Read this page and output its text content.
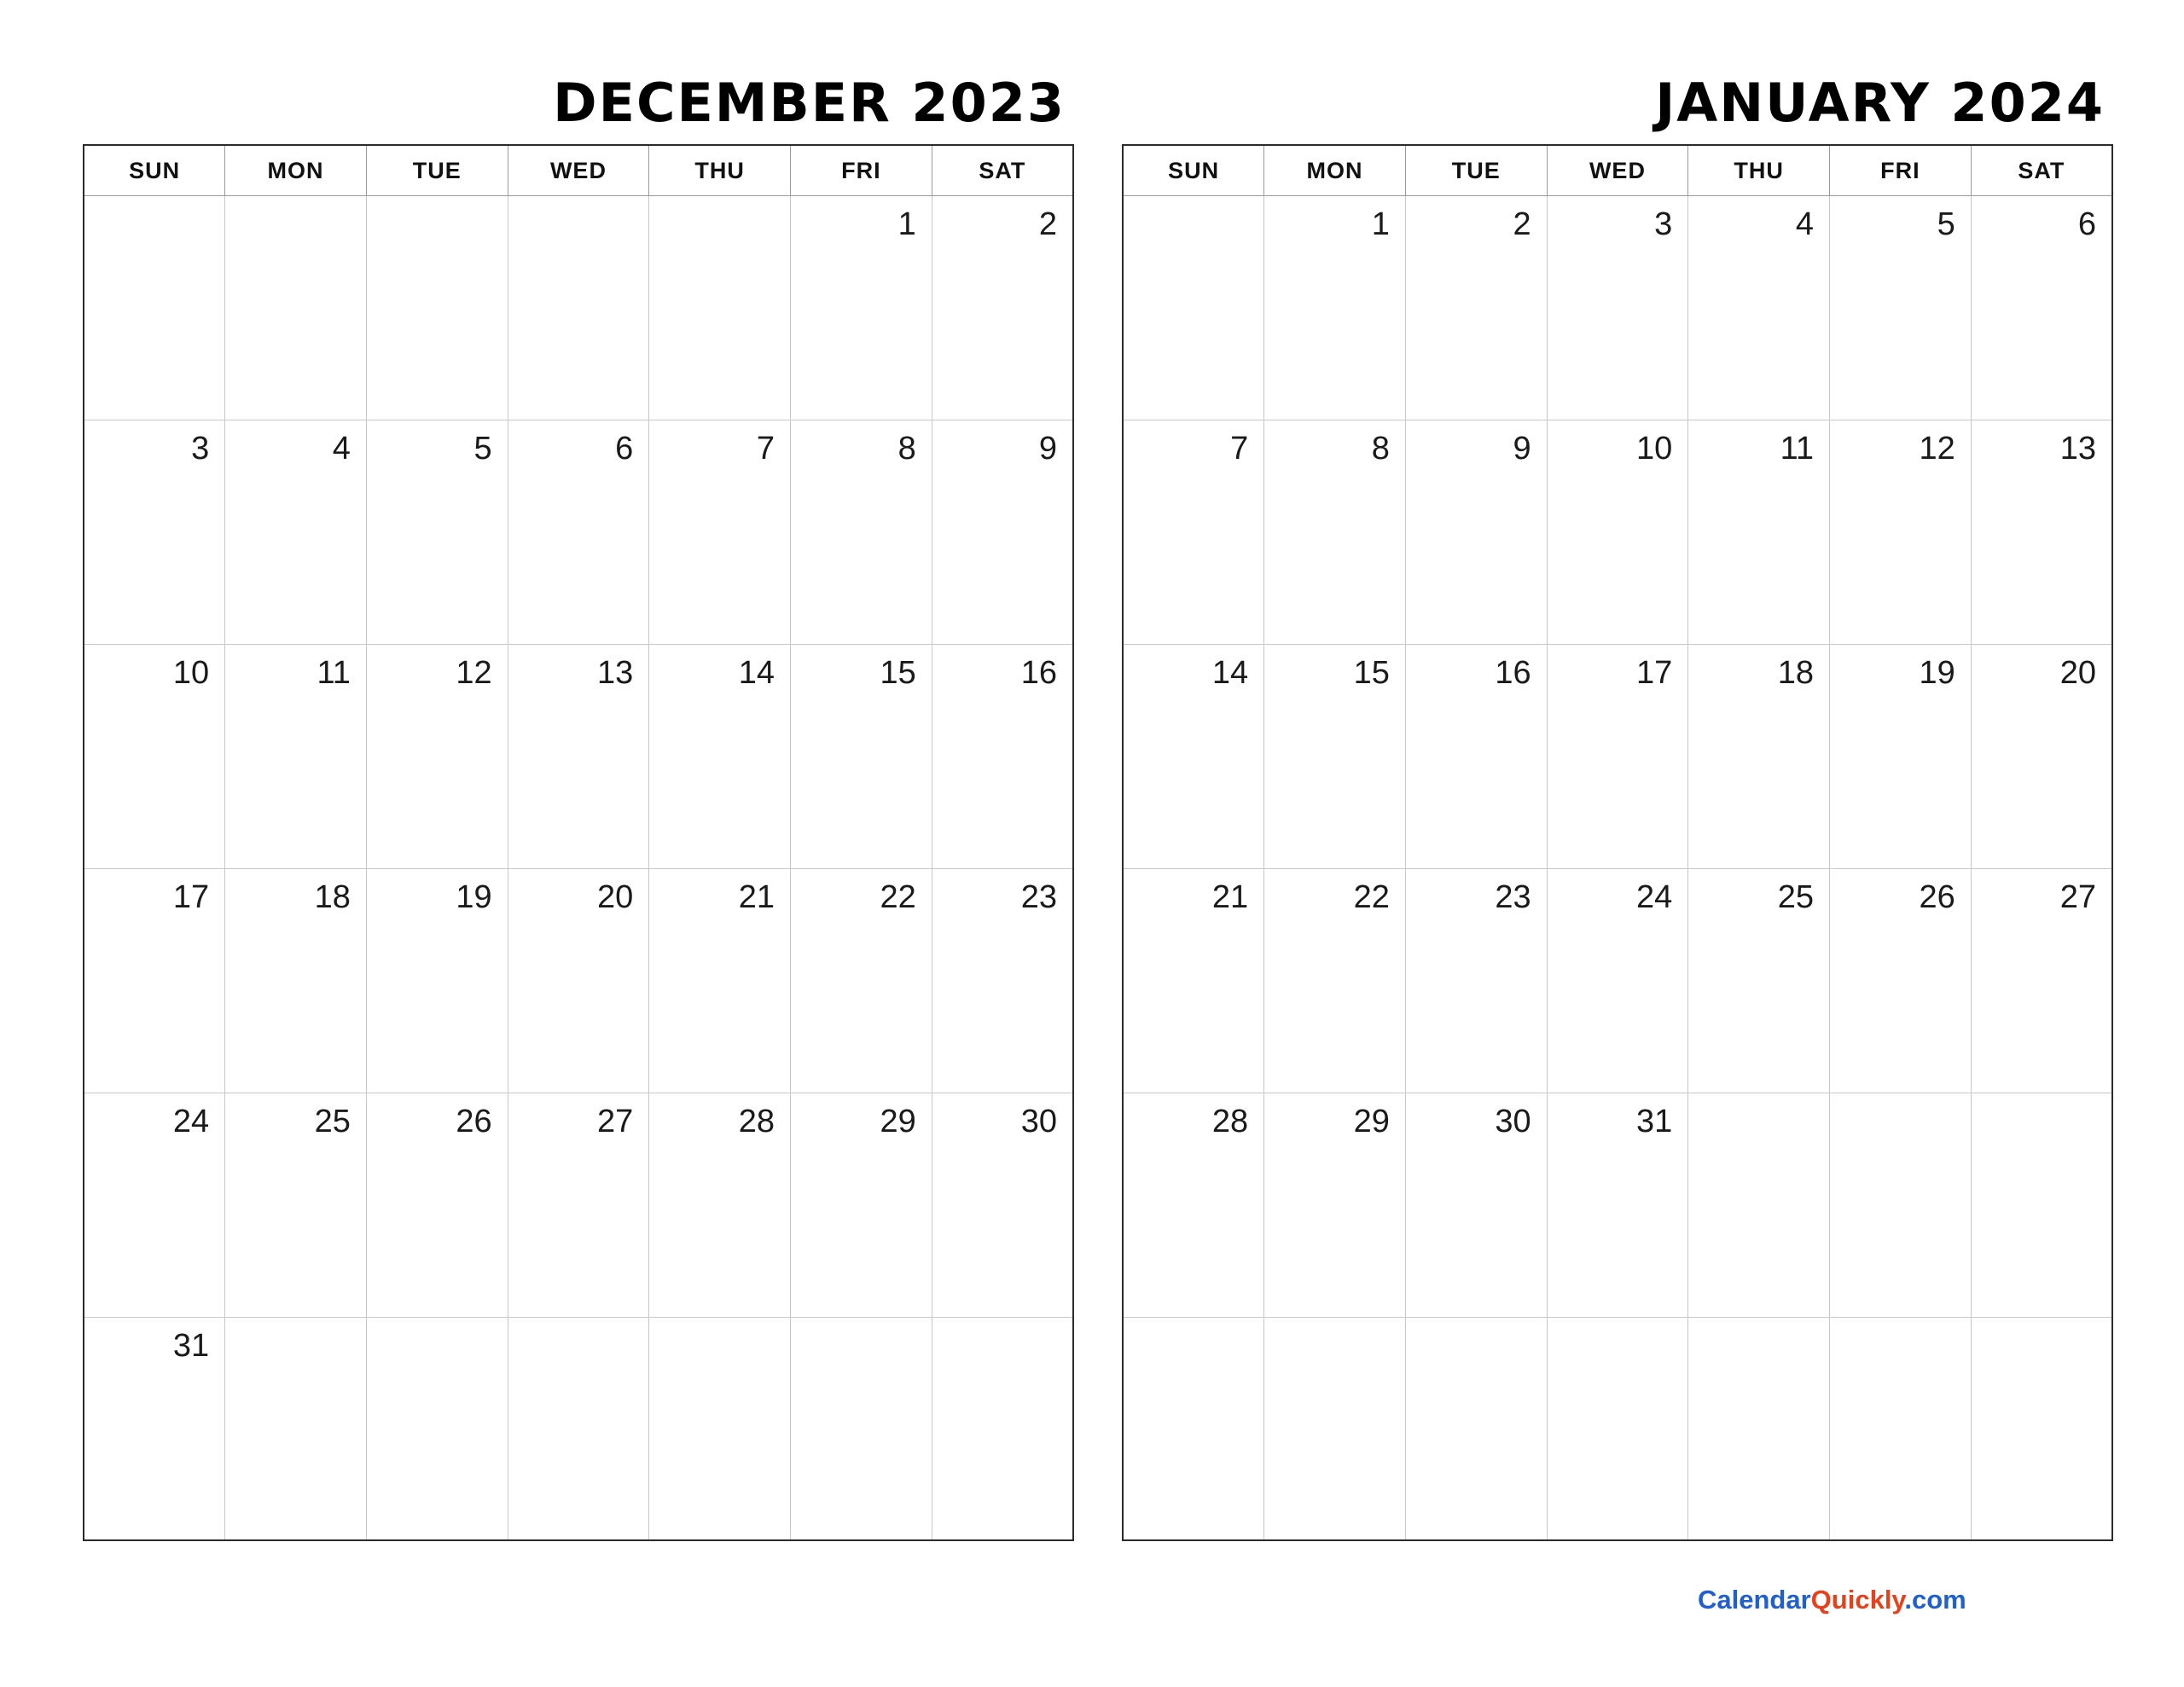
DECEMBER 2023
SUN	MON	TUE	WED	THU	FRI	SAT
					1	2
3	4	5	6	7	8	9
10	11	12	13	14	15	16
17	18	19	20	21	22	23
24	25	26	27	28	29	30
31						
JANUARY 2024
SUN	MON	TUE	WED	THU	FRI	SAT
	1	2	3	4	5	6
7	8	9	10	11	12	13
14	15	16	17	18	19	20
21	22	23	24	25	26	27
28	29	30	31			

CalendarQuickly.com
